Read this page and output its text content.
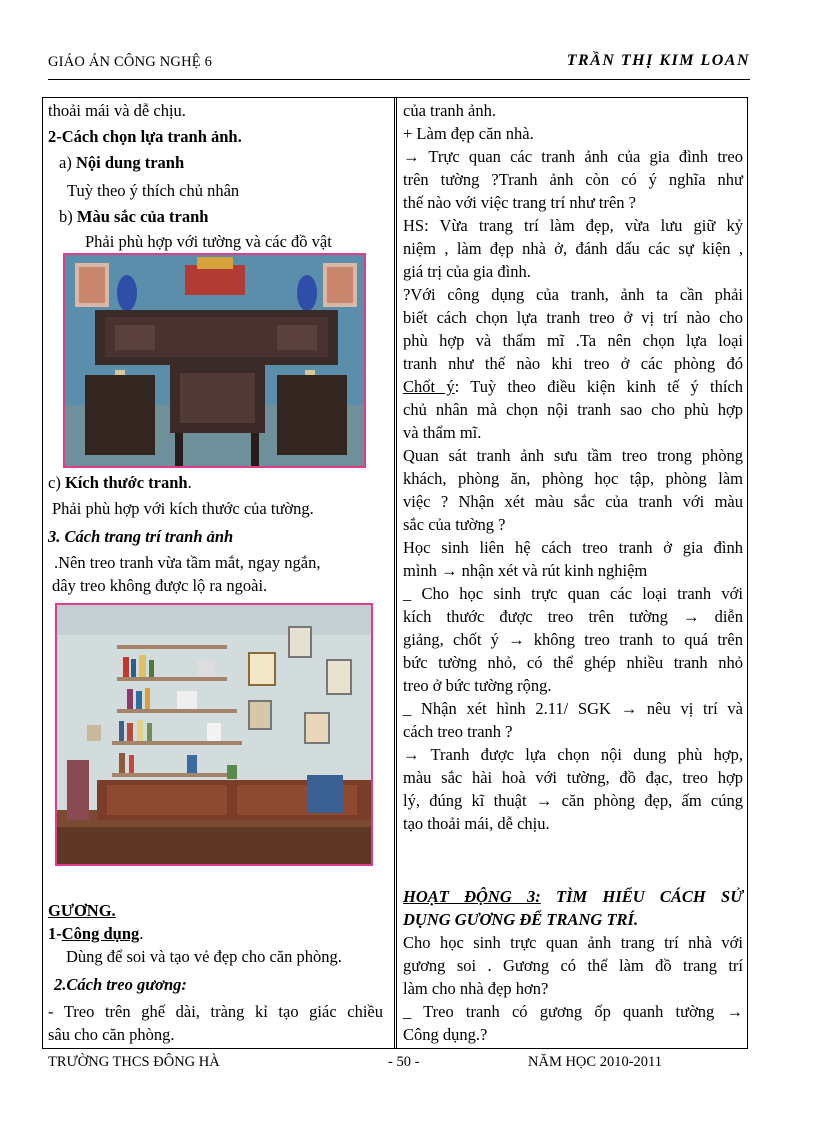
GIÁO ÁN CÔNG NGHỆ 6	TRẦN THỊ KIM LOAN
thoải mái và dễ chịu.
2-Cách chọn lựa tranh ảnh.
a) Nội dung tranh
Tuỳ theo ý thích chủ nhân
b) Màu sắc của tranh
Phải phù hợp với tường và các đồ vật
c) Kích thước tranh.
Phải phù hợp với kích thước của tường.
3. Cách trang trí tranh ảnh
.Nên treo tranh vừa tầm mắt, ngay ngắn,
dây treo không được lộ ra ngoài.
GƯƠNG.
1-Công dụng.
Dùng để soi và tạo vẻ đẹp cho căn phòng.
2.Cách treo gương:
- Treo trên ghế dài, tràng kỉ tạo giác chiều
sâu cho căn phòng.
của tranh ảnh.
+ Làm đẹp căn nhà.
→ Trực quan các tranh ảnh của gia đình treo
trên tường ?Tranh ảnh còn có ý nghĩa như
thế nào với việc trang trí như trên ?
HS: Vừa trang trí làm đẹp, vừa lưu giữ kỷ
niệm , làm đẹp nhà ở, đánh dấu các sự kiện ,
giá trị của gia đình.
?Với công dụng của tranh, ảnh ta cần phải
biết cách chọn lựa tranh treo ở vị trí nào cho
phù hợp và thẩm mĩ .Ta nên chọn lựa loại
tranh như thế nào khi treo ở các phòng đó
Chốt ý: Tuỳ theo điều kiện kinh tế ý thích
chủ nhân mà chọn nội tranh sao cho phù hợp
và thẩm mĩ.
Quan sát tranh ảnh sưu tầm treo trong phòng
khách, phòng ăn, phòng học tập, phòng làm
việc ? Nhận xét màu sắc của tranh với màu
sắc của tường ?
Học sinh liên hệ cách treo tranh ở gia đình
mình → nhận xét và rút kinh nghiệm
_ Cho học sinh trực quan các loại tranh với
kích thước được treo trên tường → diễn
giảng, chốt ý → không treo tranh to quá trên
bức tường nhỏ, có thể ghép nhiều tranh nhỏ
treo ở bức tường rộng.
_ Nhận xét hình 2.11/ SGK → nêu vị trí và
cách treo tranh ?
→ Tranh được lựa chọn nội dung phù hợp,
màu sắc hài hoà với tường, đồ đạc, treo hợp
lý, đúng kĩ thuật → căn phòng đẹp, ấm cúng
tạo thoải mái, dễ chịu.
HOẠT ĐỘNG 3: TÌM HIỂU CÁCH SỬ
DỤNG GƯƠNG ĐỂ TRANG TRÍ.
Cho học sinh trực quan ảnh trang trí nhà với
gương soi . Gương có thể làm đồ trang trí
làm cho nhà đẹp hơn?
_ Treo tranh có gương ốp quanh tường →
Công dụng.?
TRƯỜNG THCS ĐÔNG HÀ	- 50 -	NĂM HỌC 2010-2011
